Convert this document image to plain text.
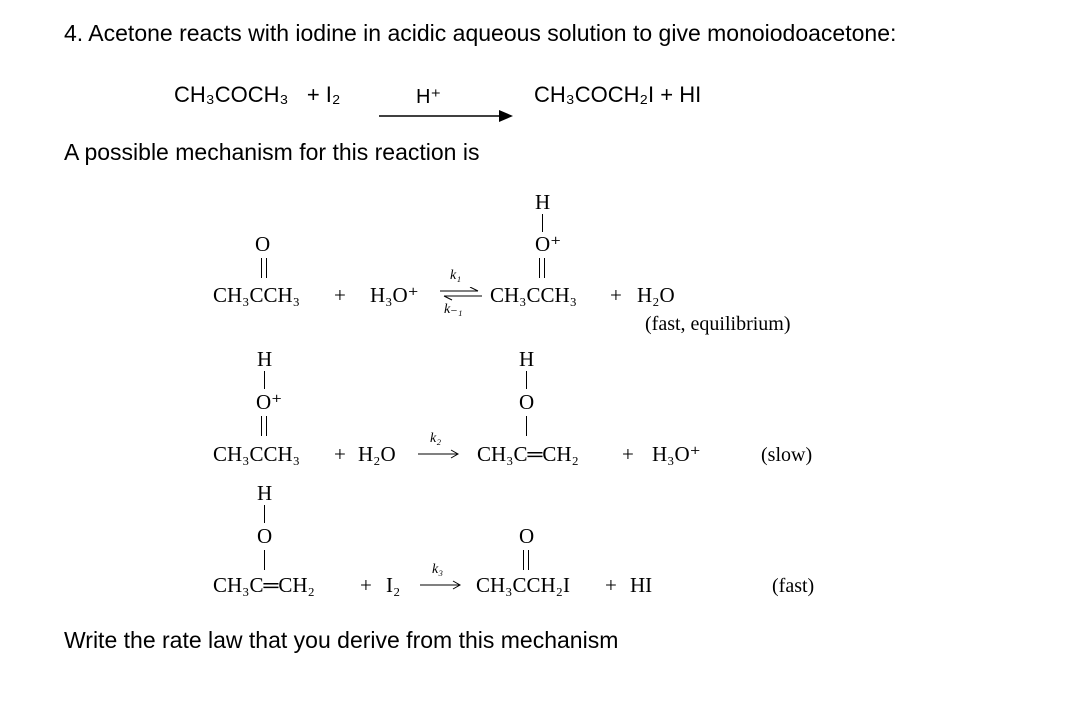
4. Acetone reacts with iodine in acidic aqueous solution to give monoiodoacetone:
CH₃COCH₃ + I₂	H⁺	CH₃COCH₂I + HI
A possible mechanism for this reaction is
O
CH₃CCH₃ + H₃O⁺
k₁
k₋₁
H
O⁺
CH₃CCH₃ + H₂O
(fast, equilibrium)
H
O⁺
CH₃CCH₃ + H₂O
k₂
H
O
CH₃C═CH₂ + H₃O⁺	(slow)
H
O
CH₃C═CH₂ + I₂
k₃
O
CH₃CCH₂I + HI	(fast)
Write the rate law that you derive from this mechanism
